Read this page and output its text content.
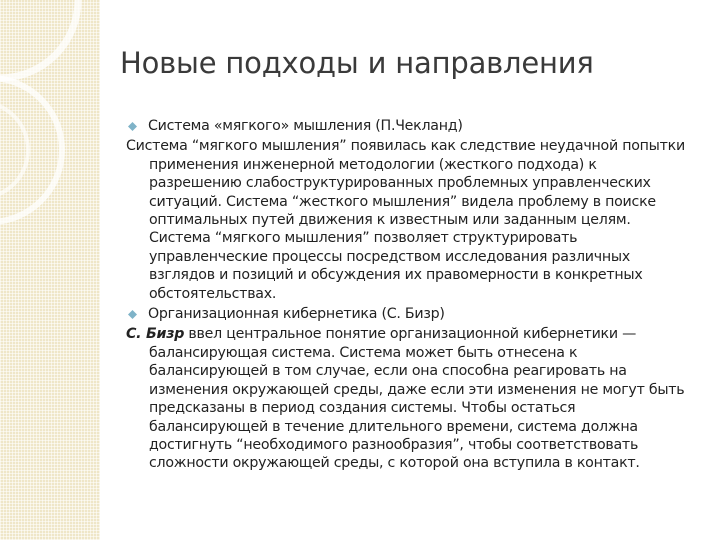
Новые подходы и направления

Система «мягкого» мышления (П.Чекланд)

Система “мягкого мышления” появилась как следствие неудачной попытки применения инженерной методологии (жесткого подхода) к разрешению слабоструктурированных проблемных управленческих ситуаций. Система “жесткого мышления” видела проблему в поиске оптимальных путей движения к известным или заданным целям. Система “мягкого мышления” позволяет структурировать управленческие процессы посредством исследования различных взглядов и позиций и обсуждения их правомерности в конкретных обстоятельствах.

Организационная кибернетика (С. Бизр)

С. Бизр ввел центральное понятие организационной кибернетики — балансирующая система. Система может быть отнесена к балансирующей в том случае, если она способна реагировать на изменения окружающей среды, даже если эти изменения не могут быть предсказаны в период создания системы. Чтобы остаться балансирующей в течение длительного времени, система должна достигнуть “необходимого разнообразия”, чтобы соответствовать сложности окружающей среды, с которой она вступила в контакт.
